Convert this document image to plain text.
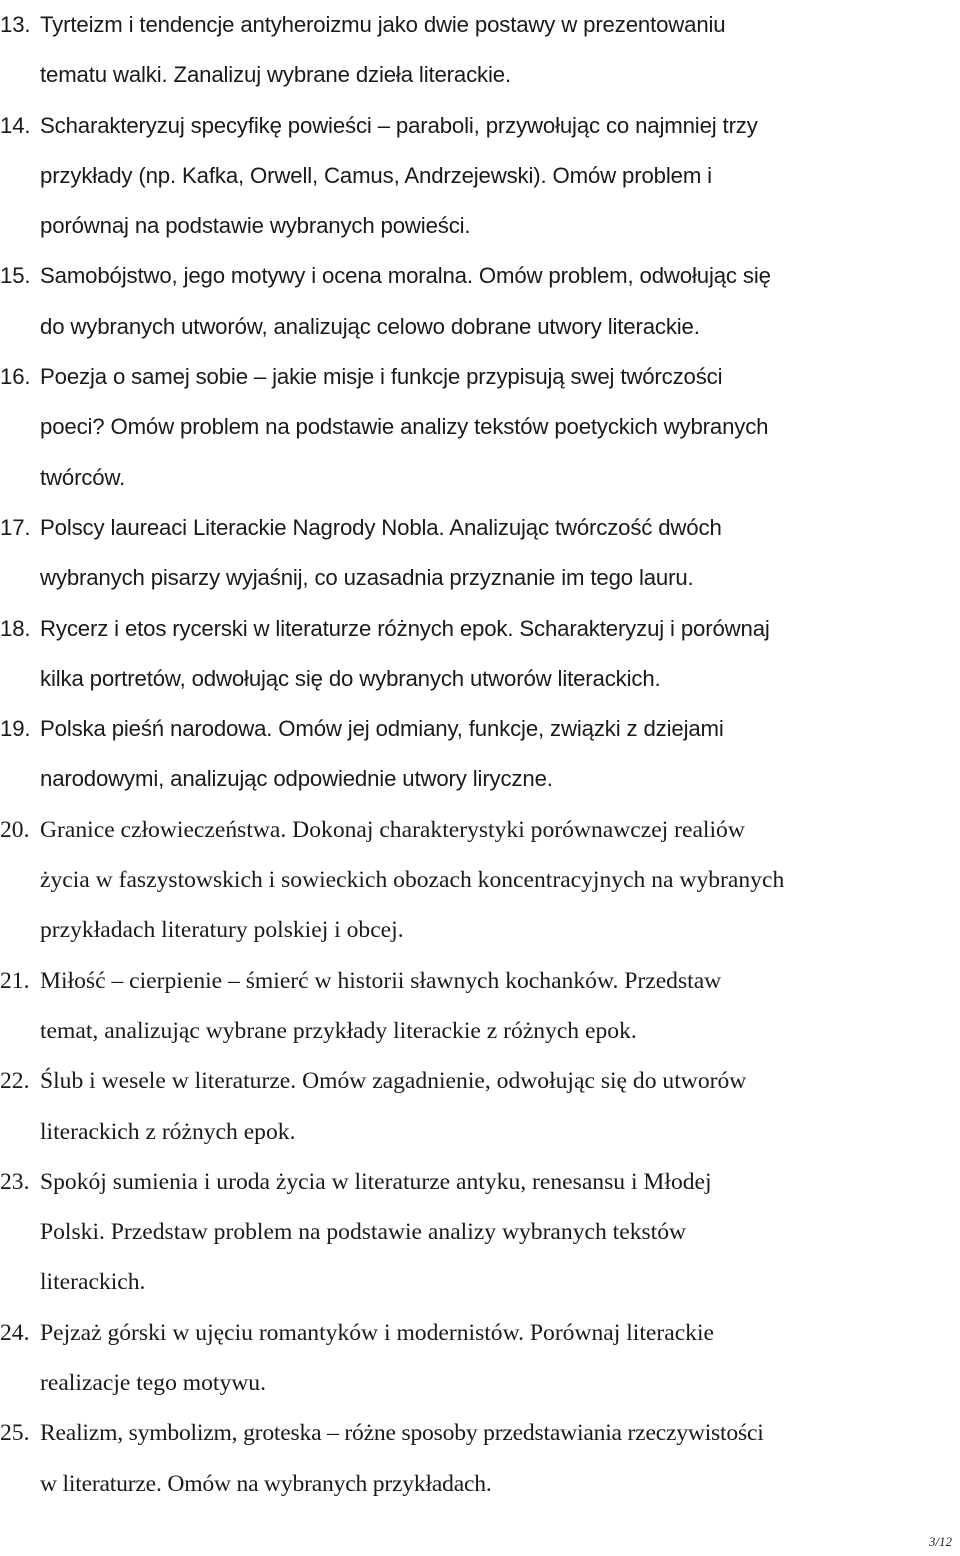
13. Tyrteizm i tendencje antyheroizmu jako dwie postawy w prezentowaniu
tematu walki. Zanalizuj wybrane dzieła literackie.
14. Scharakteryzuj specyfikę powieści – paraboli, przywołując co najmniej trzy
przykłady (np. Kafka, Orwell, Camus, Andrzejewski). Omów problem i
porównaj na podstawie wybranych powieści.
15. Samobójstwo, jego motywy i ocena moralna. Omów problem, odwołując się
do wybranych utworów, analizując celowo dobrane utwory literackie.
16. Poezja o samej sobie – jakie misje i funkcje przypisują swej twórczości
poeci? Omów problem na podstawie analizy tekstów poetyckich wybranych
twórców.
17. Polscy laureaci Literackie Nagrody Nobla. Analizując twórczość dwóch
wybranych pisarzy wyjaśnij, co uzasadnia przyznanie im tego lauru.
18. Rycerz i etos rycerski w literaturze różnych epok. Scharakteryzuj i porównaj
kilka portretów, odwołując się do wybranych utworów literackich.
19. Polska pieśń narodowa. Omów jej odmiany, funkcje, związki z dziejami
narodowymi, analizując odpowiednie utwory liryczne.
20. Granice człowieczeństwa. Dokonaj charakterystyki porównawczej realiów
życia w faszystowskich i sowieckich obozach koncentracyjnych na wybranych
przykładach literatury polskiej i obcej.
21. Miłość – cierpienie – śmierć w historii sławnych kochanków. Przedstaw
temat, analizując wybrane przykłady literackie z różnych epok.
22. Ślub i wesele w literaturze. Omów zagadnienie, odwołując się do utworów
literackich z różnych epok.
23. Spokój sumienia i uroda życia w literaturze antyku, renesansu i Młodej
Polski. Przedstaw problem na podstawie analizy wybranych tekstów
literackich.
24. Pejzaż górski w ujęciu romantyków i modernistów. Porównaj literackie
realizacje tego motywu.
25. Realizm, symbolizm, groteska – różne sposoby przedstawiania rzeczywistości
w literaturze. Omów na wybranych przykładach.
3/12
